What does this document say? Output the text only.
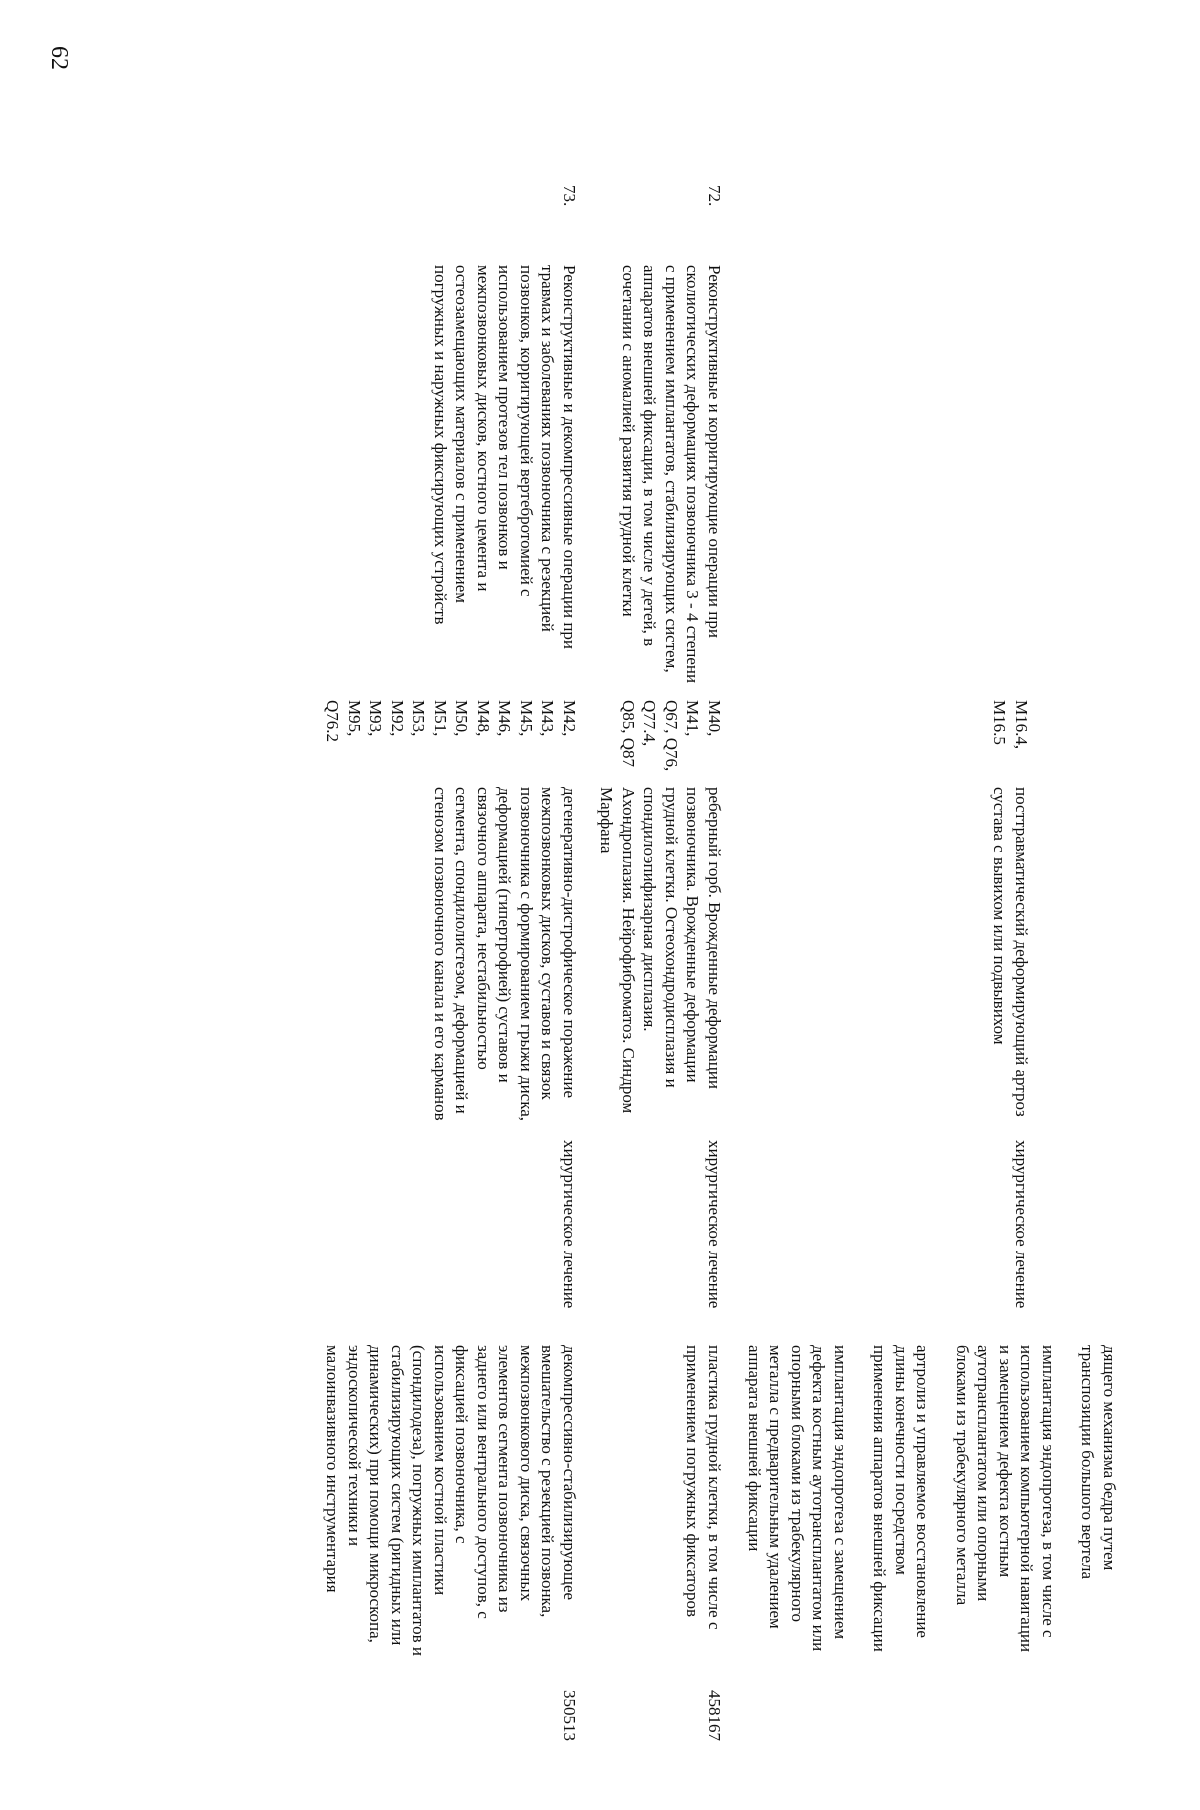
62
М16.4,
М16.5
посттравматический деформирующий артроз сустава с вывихом или подвывихом
хирургическое лечение

дящего механизма бедра путем транспозиции большого вертела

имплантация эндопротеза, в том числе с использованием компьютерной навигации и замещением дефекта костным аутотрансплантатом или опорными блоками из трабекулярного металла

артролиз и управляемое восстановление длины конечности посредством применения аппаратов внешней фиксации

имплантация эндопротеза с замещением дефекта костным аутотрансплантатом или опорными блоками из трабекулярного металла с предварительным удалением аппарата внешней фиксации

72.
Реконструктивные и корригирующие операции при сколиотических деформациях позвоночника 3 - 4 степени с применением имплантатов, стабилизирующих систем, аппаратов внешней фиксации, в том числе у детей, в сочетании с аномалией развития грудной клетки
М40,
М41,
Q67, Q76,
Q77.4,
Q85, Q87
реберный горб. Врожденные деформации позвоночника. Врожденные деформации грудной клетки. Остеохондродисплазия и спондилоэпифизарная дисплазия. Ахондроплазия. Нейрофиброматоз. Синдром Марфана
хирургическое лечение

пластика грудной клетки, в том числе с применением погружных фиксаторов

458167
73.
Реконструктивные и декомпрессивные операции при травмах и заболеваниях позвоночника с резекцией позвонков, корригирующей вертебротомией с использованием протезов тел позвонков и межпозвонковых дисков, костного цемента и остеозамещающих материалов с применением погружных и наружных фиксирующих устройств
М42,
М43,
М45,
М46,
М48,
М50,
М51,
М53,
М92,
М93,
М95,
Q76.2
дегенеративно-дистрофическое поражение межпозвонковых дисков, суставов и связок позвоночника с формированием грыжи диска, деформацией (гипертрофией) суставов и связочного аппарата, нестабильностью сегмента, спондилолистезом, деформацией и стенозом позвоночного канала и его карманов
хирургическое лечение

декомпрессивно-стабилизирующее вмешательство с резекцией позвонка, межпозвонкового диска, связочных элементов сегмента позвоночника из заднего или вентрального доступов, с фиксацией позвоночника, с использованием костной пластики (спондилодеза), погружных имплантатов и стабилизирующих систем (ригидных или динамических) при помощи микроскопа, эндоскопической техники и малоинвазивного инструментария

350513
